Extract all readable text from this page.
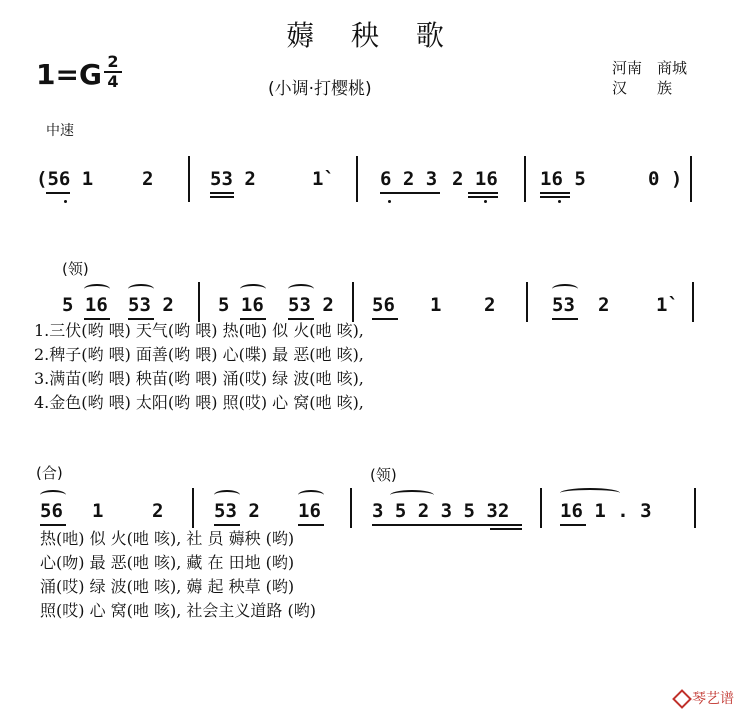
薅 秧 歌
1=G 2
4	(小调·打樱桃)
河南　商城
汉　　族
中速
(56 1	2	53 2	1` 6 2 3 2 16 16 5	0 )
(领)
5 16 53 2 5 16 53 2 56 1 2	53 2 1`
1.三伏(哟 喂) 天气(哟 喂) 热(吔) 似 火(吔 咳),
2.稗子(哟 喂) 面善(哟 喂) 心(喋) 最 恶(吔 咳),
3.满苗(哟 喂) 秧苗(哟 喂) 涌(哎) 绿 波(吔 咳),
4.金色(哟 喂) 太阳(哟 喂) 照(哎) 心 窝(吔 咳),
(合)	(领)
56 1	2	53 2 16	3 5 2 3 5 32	16 1 . 3
热(吔) 似 火(吔 咳), 社 员 薅秧 (哟)
心(吻) 最 恶(吔 咳), 藏 在 田地 (哟)
涌(哎) 绿 波(吔 咳), 薅 起 秧草 (哟)
照(哎) 心 窝(吔 咳), 社会主义道路 (哟)
琴艺谱
